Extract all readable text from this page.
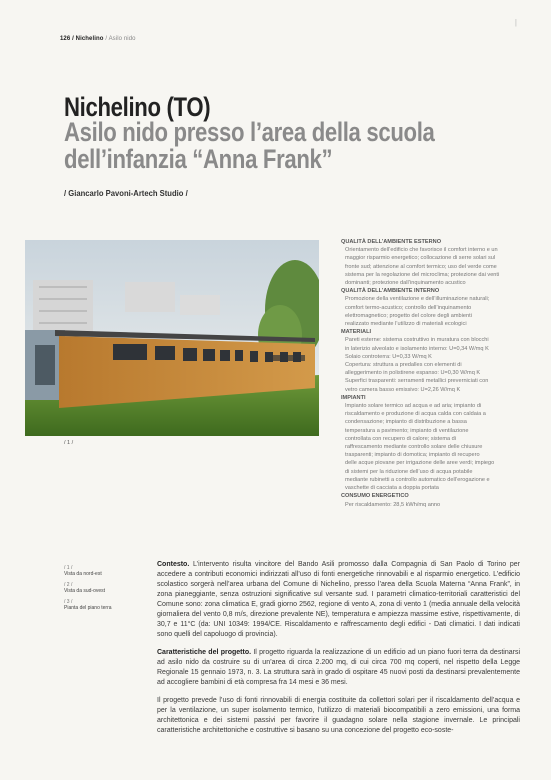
126 / Nichelino / Asilo nido
|
Nichelino (TO)
Asilo nido presso l’area della scuola
dell’infanzia “Anna Frank”
/ Giancarlo Pavoni-Artech Studio /
/ 1 /
QUALITÀ DELL’AMBIENTE ESTERNO
Orientamento dell’edificio che favorisce il comfort interno e un
maggior risparmio energetico; collocazione di serre solari sul
fronte sud; attenzione al comfort termico; uso del verde come
sistema per la regolazione del microclima; protezione dai venti
dominanti; protezione dall’inquinamento acustico
QUALITÀ DELL’AMBIENTE INTERNO
Promozione della ventilazione e dell’illuminazione naturali;
comfort termo-acustico; controllo dell’inquinamento
elettromagnetico; progetto del colore degli ambienti
realizzato mediante l’utilizzo di materiali ecologici
MATERIALI
Pareti esterne: sistema costruttivo in muratura con blocchi
in laterizio alveolato e isolamento interno: U=0,34 W/mq K
Solaio controterra: U=0,33 W/mq K
Copertura: struttura a predalles con elementi di
alleggerimento in polistirene espanso: U=0,30 W/mq K
Superfici trasparenti: serramenti metallici preverniciati con
vetro camera basso emissivo: U=2,26 W/mq K
IMPIANTI
Impianto solare termico ad acqua e ad aria; impianto di
riscaldamento e produzione di acqua calda con caldaia a
condensazione; impianto di distribuzione a bassa
temperatura a pavimento; impianto di ventilazione
controllata con recupero di calore; sistema di
raffrescamento mediante controllo solare delle chiusure
trasparenti; impianto di domotica; impianto di recupero
delle acque piovane per irrigazione delle aree verdi; impiego
di sistemi per la riduzione dell’uso di acqua potabile
mediante rubinetti a controllo automatico dell’erogazione e
vaschette di cacciata a doppia portata
CONSUMO ENERGETICO
Per riscaldamento: 28,5 kWh/mq anno
/ 1 /
Vista da nord-est
/ 2 /
Vista da sud-ovest
/ 3 /
Pianta del piano terra

Contesto. L’intervento risulta vincitore del Bando Asili promosso dalla Compagnia di San Paolo di Torino per accedere a contributi economici indirizzati all’uso di fonti energetiche rinnovabili e al risparmio energetico. L’edificio scolastico sorgerà nell’area urbana del Comune di Nichelino, presso l’area della Scuola Materna “Anna Frank”, in zona pianeggiante, senza ostruzioni significative sul versante sud. I parametri climatico-territoriali caratteristici del Comune sono: zona climatica E, gradi giorno 2562, regione di vento A, zona di vento 1 (media annuale della velocità giornaliera del vento 0,8 m/s, direzione prevalente NE), temperatura e ampiezza massime estive, rispettivamente, di 30,7 e 11°C (da: UNI 10349: 1994/CE. Riscaldamento e raffrescamento degli edifici - Dati climatici. I dati indicati sono quelli del capoluogo di provincia).

Caratteristiche del progetto. Il progetto riguarda la realizzazione di un edificio ad un piano fuori terra da destinarsi ad asilo nido da costruire su di un’area di circa 2.200 mq, di cui circa 700 mq coperti, nel rispetto della Legge Regionale 15 gennaio 1973, n. 3. La struttura sarà in grado di ospitare 45 nuovi posti da destinarsi prevalentemente ad accogliere bambini di età compresa fra 14 mesi e 36 mesi.

Il progetto prevede l’uso di fonti rinnovabili di energia costituite da collettori solari per il riscaldamento dell’acqua e per la ventilazione, un super isolamento termico, l’utilizzo di materiali biocompatibili a zero emissioni, una forma architettonica e dei sistemi passivi per favorire il guadagno solare nella stagione invernale. Le principali caratteristiche architettoniche e costruttive si basano su una concezione del progetto eco-soste-
